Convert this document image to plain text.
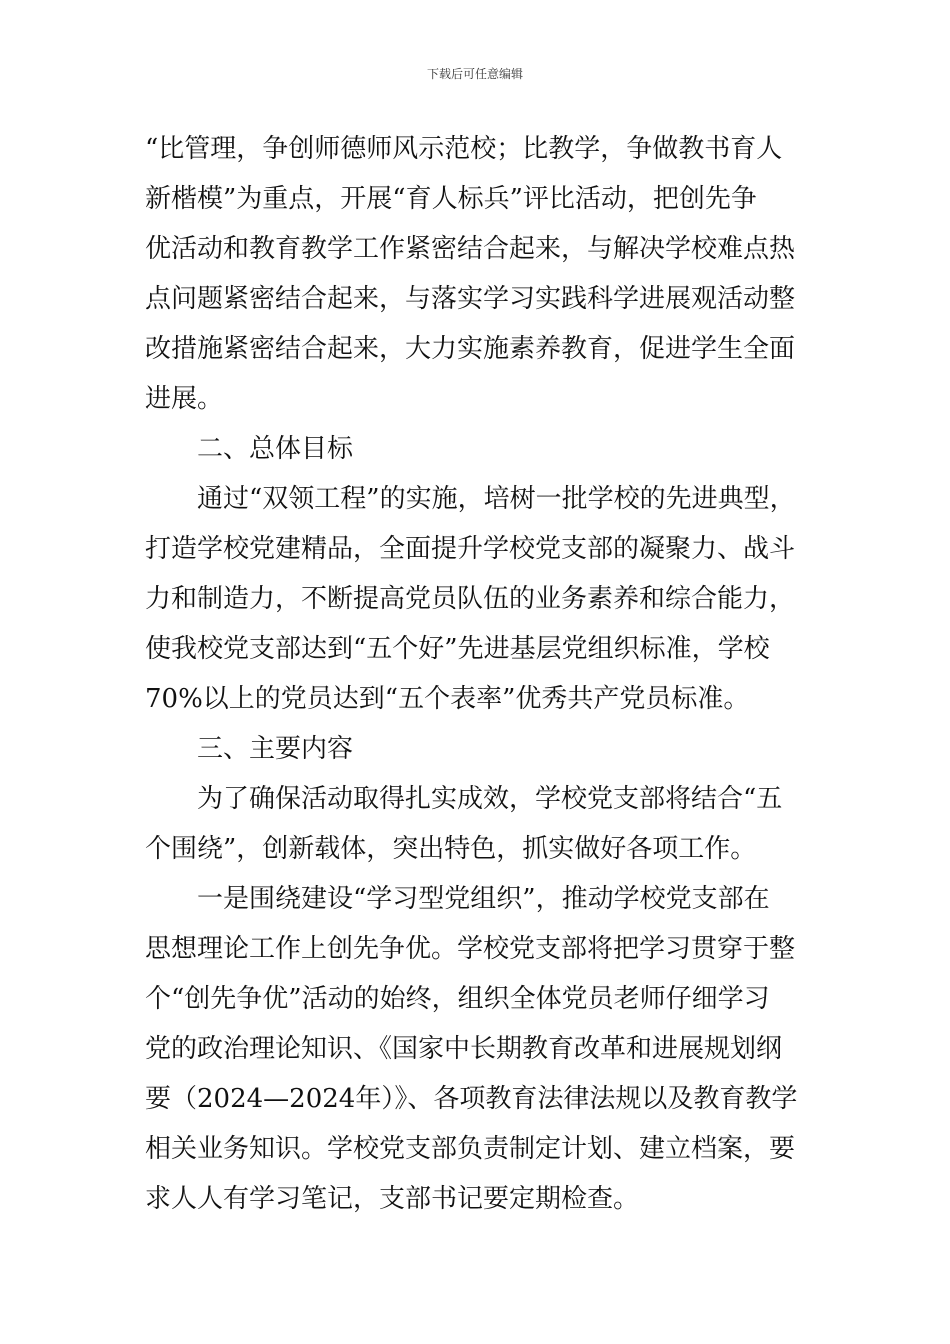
下载后可任意编辑
“比管理，争创师德师风示范校；比教学，争做教书育人
新楷模”为重点，开展“育人标兵”评比活动，把创先争
优活动和教育教学工作紧密结合起来，与解决学校难点热
点问题紧密结合起来，与落实学习实践科学进展观活动整
改措施紧密结合起来，大力实施素养教育，促进学生全面
进展。
二、总体目标
通过“双领工程”的实施，培树一批学校的先进典型，
打造学校党建精品，全面提升学校党支部的凝聚力、战斗
力和制造力，不断提高党员队伍的业务素养和综合能力，
使我校党支部达到“五个好”先进基层党组织标准，学校
70%以上的党员达到“五个表率”优秀共产党员标准。
三、主要内容
为了确保活动取得扎实成效，学校党支部将结合“五
个围绕”，创新载体，突出特色，抓实做好各项工作。
一是围绕建设“学习型党组织”，推动学校党支部在
思想理论工作上创先争优。学校党支部将把学习贯穿于整
个“创先争优”活动的始终，组织全体党员老师仔细学习
党的政治理论知识、《国家中长期教育改革和进展规划纲
要（2024—2024年）》、各项教育法律法规以及教育教学
相关业务知识。学校党支部负责制定计划、建立档案，要
求人人有学习笔记，支部书记要定期检查。
